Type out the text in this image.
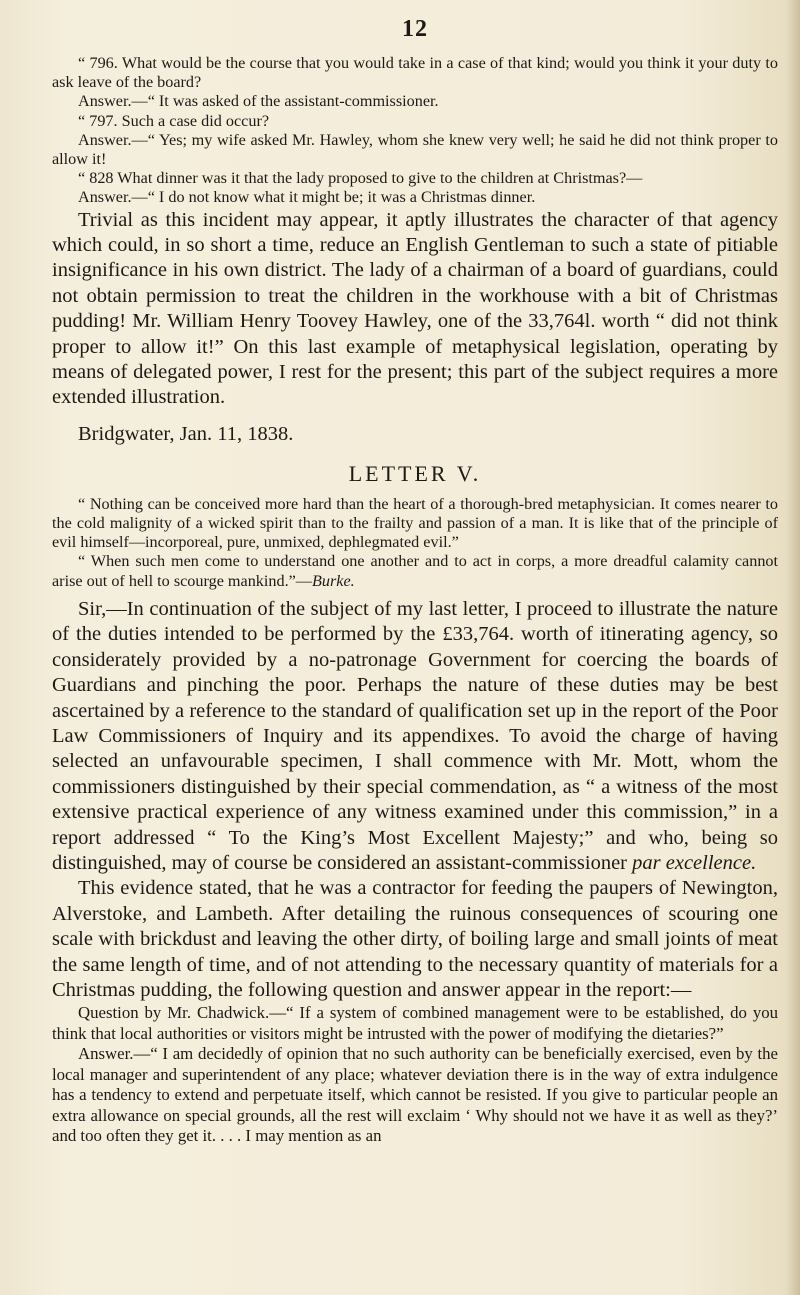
12

“ 796. What would be the course that you would take in a case of that kind; would you think it your duty to ask leave of the board?

Answer.—“ It was asked of the assistant-commissioner.

“ 797. Such a case did occur?

Answer.—“ Yes; my wife asked Mr. Hawley, whom she knew very well; he said he did not think proper to allow it!

“ 828 What dinner was it that the lady proposed to give to the children at Christmas?—

Answer.—“ I do not know what it might be; it was a Christmas dinner.

Trivial as this incident may appear, it aptly illustrates the character of that agency which could, in so short a time, reduce an English Gentleman to such a state of pitiable insignificance in his own district. The lady of a chairman of a board of guardians, could not obtain permission to treat the children in the workhouse with a bit of Christmas pudding! Mr. William Henry Toovey Hawley, one of the 33,764l. worth “ did not think proper to allow it!” On this last example of metaphysical legislation, operating by means of delegated power, I rest for the present; this part of the subject requires a more extended illustration.

Bridgwater, Jan. 11, 1838.

LETTER V.

“ Nothing can be conceived more hard than the heart of a thorough-bred metaphysician. It comes nearer to the cold malignity of a wicked spirit than to the frailty and passion of a man. It is like that of the principle of evil himself—incorporeal, pure, unmixed, dephlegmated evil.”

“ When such men come to understand one another and to act in corps, a more dreadful calamity cannot arise out of hell to scourge mankind.”—Burke.

Sir,—In continuation of the subject of my last letter, I proceed to illustrate the nature of the duties intended to be performed by the £33,764. worth of itinerating agency, so considerately provided by a no-patronage Government for coercing the boards of Guardians and pinching the poor. Perhaps the nature of these duties may be best ascertained by a reference to the standard of qualification set up in the report of the Poor Law Commissioners of Inquiry and its appendixes. To avoid the charge of having selected an unfavourable specimen, I shall commence with Mr. Mott, whom the commissioners distinguished by their special commendation, as “ a witness of the most extensive practical experience of any witness examined under this commission,” in a report addressed “ To the King’s Most Excellent Majesty;” and who, being so distinguished, may of course be considered an assistant-commissioner par excellence.

This evidence stated, that he was a contractor for feeding the paupers of Newington, Alverstoke, and Lambeth. After detailing the ruinous consequences of scouring one scale with brickdust and leaving the other dirty, of boiling large and small joints of meat the same length of time, and of not attending to the necessary quantity of materials for a Christmas pudding, the following question and answer appear in the report:—

Question by Mr. Chadwick.—“ If a system of combined management were to be established, do you think that local authorities or visitors might be intrusted with the power of modifying the dietaries?”

Answer.—“ I am decidedly of opinion that no such authority can be beneficially exercised, even by the local manager and superintendent of any place; whatever deviation there is in the way of extra indulgence has a tendency to extend and perpetuate itself, which cannot be resisted. If you give to particular people an extra allowance on special grounds, all the rest will exclaim ‘ Why should not we have it as well as they?’ and too often they get it. . . . I may mention as an
